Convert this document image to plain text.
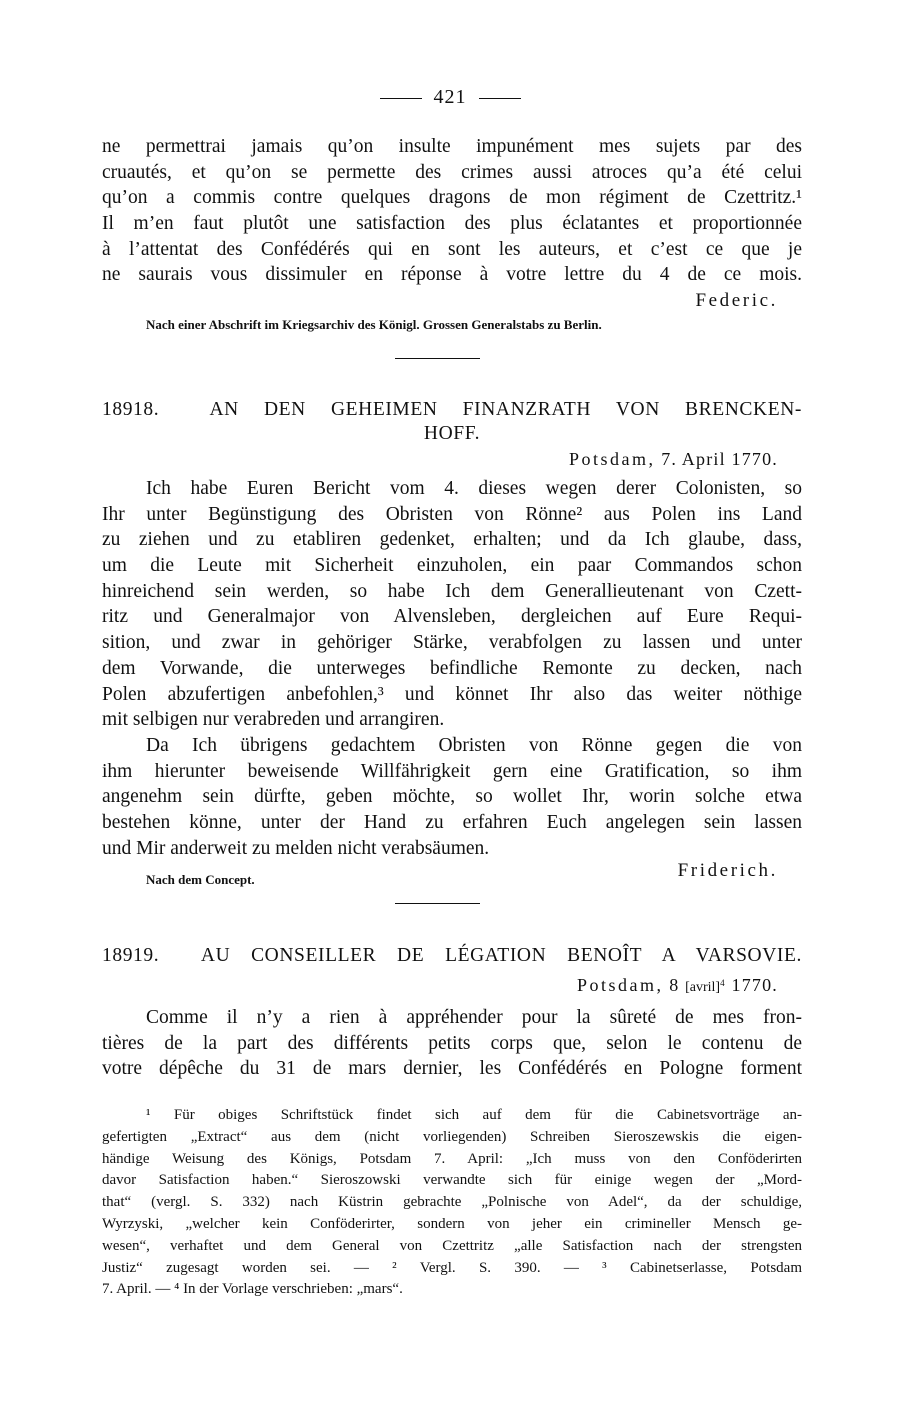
421
ne permettrai jamais qu’on insulte impunément mes sujets par des
cruautés, et qu’on se permette des crimes aussi atroces qu’a été celui
qu’on a commis contre quelques dragons de mon régiment de Czettritz.¹
Il m’en faut plutôt une satisfaction des plus éclatantes et proportionnée
à l’attentat des Confédérés qui en sont les auteurs, et c’est ce que je
ne saurais vous dissimuler en réponse à votre lettre du 4 de ce mois.
Federic.
Nach einer Abschrift im Kriegsarchiv des Königl. Grossen Generalstabs zu Berlin.
18918.	AN DEN GEHEIMEN FINANZRATH VON BRENCKEN-
HOFF.
Potsdam, 7. April 1770.
Ich habe Euren Bericht vom 4. dieses wegen derer Colonisten, so
Ihr unter Begünstigung des Obristen von Rönne² aus Polen ins Land
zu ziehen und zu etabliren gedenket, erhalten; und da Ich glaube, dass,
um die Leute mit Sicherheit einzuholen, ein paar Commandos schon
hinreichend sein werden, so habe Ich dem Generallieutenant von Czett-
ritz und Generalmajor von Alvensleben, dergleichen auf Eure Requi-
sition, und zwar in gehöriger Stärke, verabfolgen zu lassen und unter
dem Vorwande, die unterweges befindliche Remonte zu decken, nach
Polen abzufertigen anbefohlen,³ und könnet Ihr also das weiter nöthige
mit selbigen nur verabreden und arrangiren.
Da Ich übrigens gedachtem Obristen von Rönne gegen die von
ihm hierunter beweisende Willfährigkeit gern eine Gratification, so ihm
angenehm sein dürfte, geben möchte, so wollet Ihr, worin solche etwa
bestehen könne, unter der Hand zu erfahren Euch angelegen sein lassen
und Mir anderweit zu melden nicht verabsäumen.
Friderich.
Nach dem Concept.
18919. AU CONSEILLER DE LÉGATION BENOÎT A VARSOVIE.
Potsdam, 8 [avril]$^4$ 1770.
Comme il n’y a rien à appréhender pour la sûreté de mes fron-
tières de la part des différents petits corps que, selon le contenu de
votre dépêche du 31 de mars dernier, les Confédérés en Pologne forment
¹ Für obiges Schriftstück findet sich auf dem für die Cabinetsvorträge an-
gefertigten „Extract“ aus dem (nicht vorliegenden) Schreiben Sieroszewskis die eigen-
händige Weisung des Königs, Potsdam 7. April: „Ich muss von den Conföderirten
davor Satisfaction haben.“ Sieroszowski verwandte sich für einige wegen der „Mord-
that“ (vergl. S. 332) nach Küstrin gebrachte „Polnische von Adel“, da der schuldige,
Wyrzyski, „welcher kein Conföderirter, sondern von jeher ein crimineller Mensch ge-
wesen“, verhaftet und dem General von Czettritz „alle Satisfaction nach der strengsten
Justiz“ zugesagt worden sei. — ² Vergl. S. 390. — ³ Cabinetserlasse, Potsdam
7. April. — ⁴ In der Vorlage verschrieben: „mars“.
